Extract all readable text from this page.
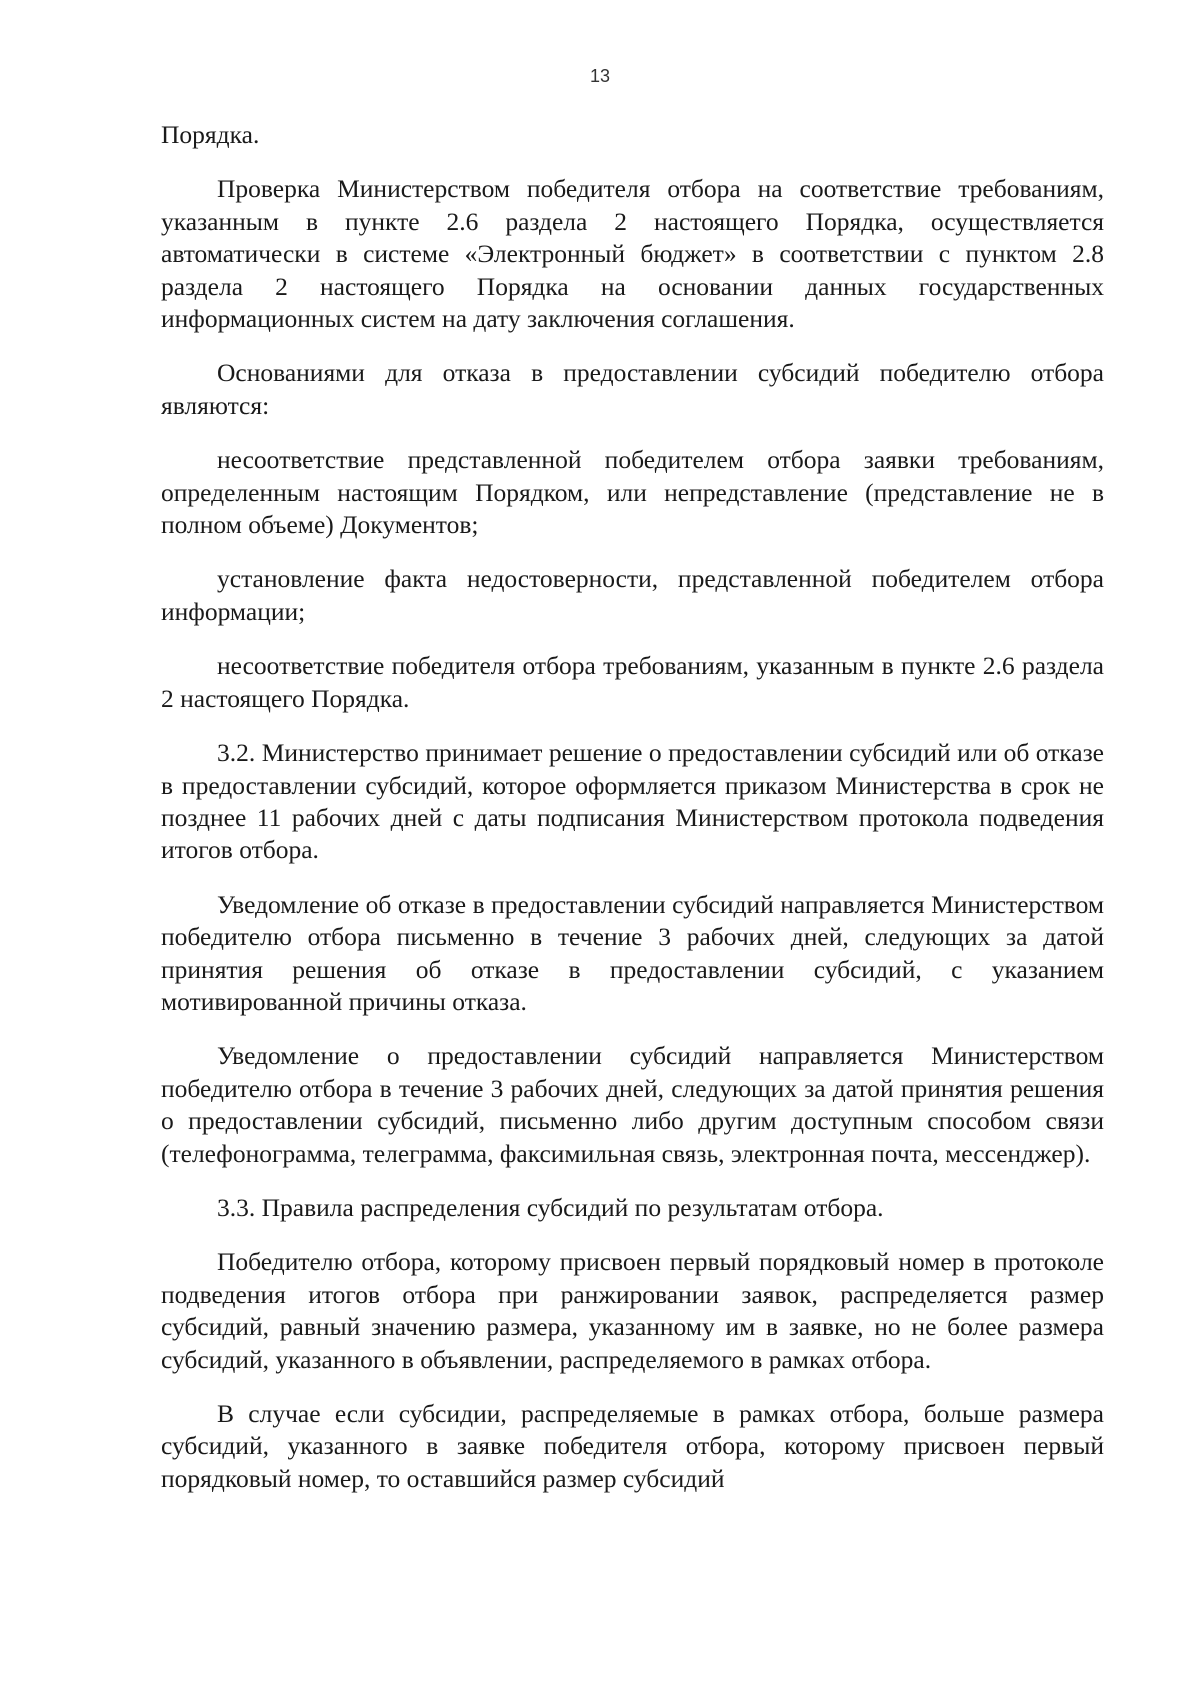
13

Порядка.

Проверка Министерством победителя отбора на соответствие требованиям, указанным в пункте 2.6 раздела 2 настоящего Порядка, осуществляется автоматически в системе «Электронный бюджет» в соответствии с пунктом 2.8 раздела 2 настоящего Порядка на основании данных государственных информационных систем на дату заключения соглашения.

Основаниями для отказа в предоставлении субсидий победителю отбора являются:

несоответствие представленной победителем отбора заявки требованиям, определенным настоящим Порядком, или непредставление (представление не в полном объеме) Документов;

установление факта недостоверности, представленной победителем отбора информации;

несоответствие победителя отбора требованиям, указанным в пункте 2.6 раздела 2 настоящего Порядка.

3.2. Министерство принимает решение о предоставлении субсидий или об отказе в предоставлении субсидий, которое оформляется приказом Министерства в срок не позднее 11 рабочих дней с даты подписания Министерством протокола подведения итогов отбора.

Уведомление об отказе в предоставлении субсидий направляется Министерством победителю отбора письменно в течение 3 рабочих дней, следующих за датой принятия решения об отказе в предоставлении субсидий, с указанием мотивированной причины отказа.

Уведомление о предоставлении субсидий направляется Министерством победителю отбора в течение 3 рабочих дней, следующих за датой принятия решения о предоставлении субсидий, письменно либо другим доступным способом связи (телефонограмма, телеграмма, факсимильная связь, электронная почта, мессенджер).

3.3. Правила распределения субсидий по результатам отбора.

Победителю отбора, которому присвоен первый порядковый номер в протоколе подведения итогов отбора при ранжировании заявок, распределяется размер субсидий, равный значению размера, указанному им в заявке, но не более размера субсидий, указанного в объявлении, распределяемого в рамках отбора.

В случае если субсидии, распределяемые в рамках отбора, больше размера субсидий, указанного в заявке победителя отбора, которому присвоен первый порядковый номер, то оставшийся размер субсидий
